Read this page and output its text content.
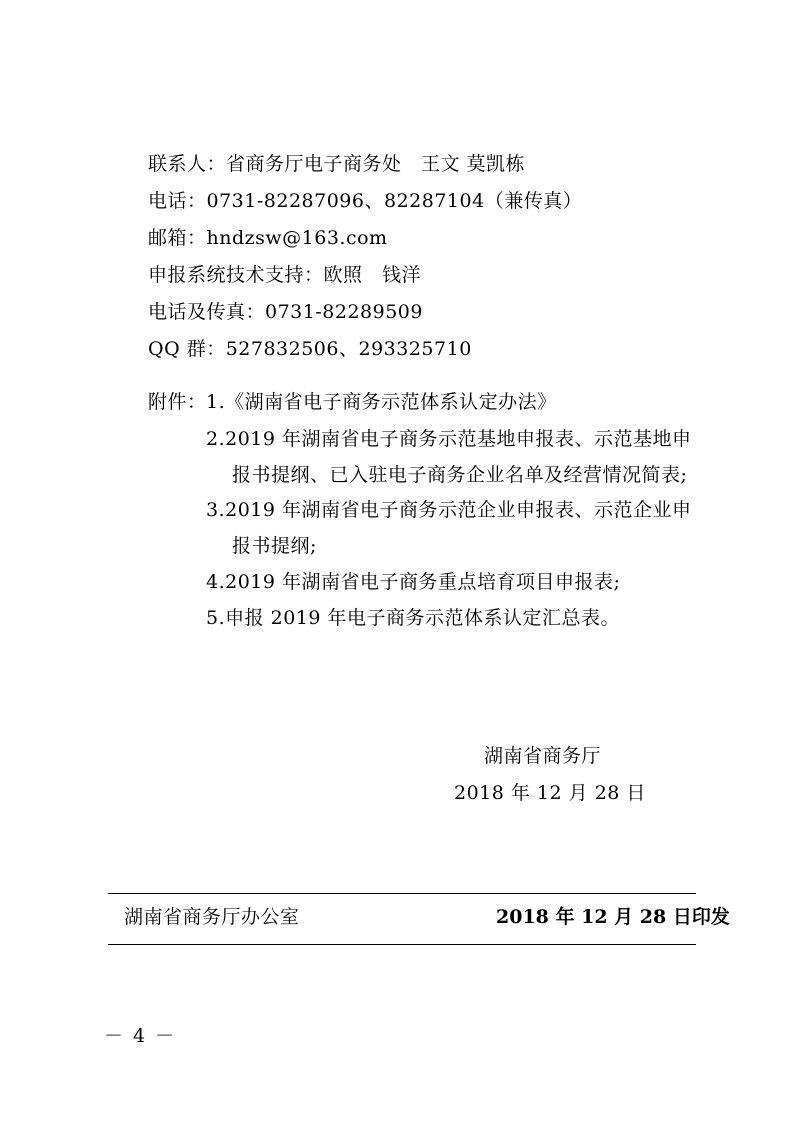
联系人：省商务厅电子商务处　王文 莫凯栋
电话：0731-82287096、82287104（兼传真）
邮箱：hndzsw@163.com
申报系统技术支持：欧照　钱洋
电话及传真：0731-82289509
QQ 群：527832506、293325710
附件： 1.《湖南省电子商务示范体系认定办法》
2.2019 年湖南省电子商务示范基地申报表、示范基地申
报书提纲、已入驻电子商务企业名单及经营情况简表;
3.2019 年湖南省电子商务示范企业申报表、示范企业申
报书提纲;
4.2019 年湖南省电子商务重点培育项目申报表;
5.申报 2019 年电子商务示范体系认定汇总表。
湖南省商务厅
2018 年 12 月 28 日
湖南省商务厅办公室	2018 年 12 月 28 日印发
－ 4 －
